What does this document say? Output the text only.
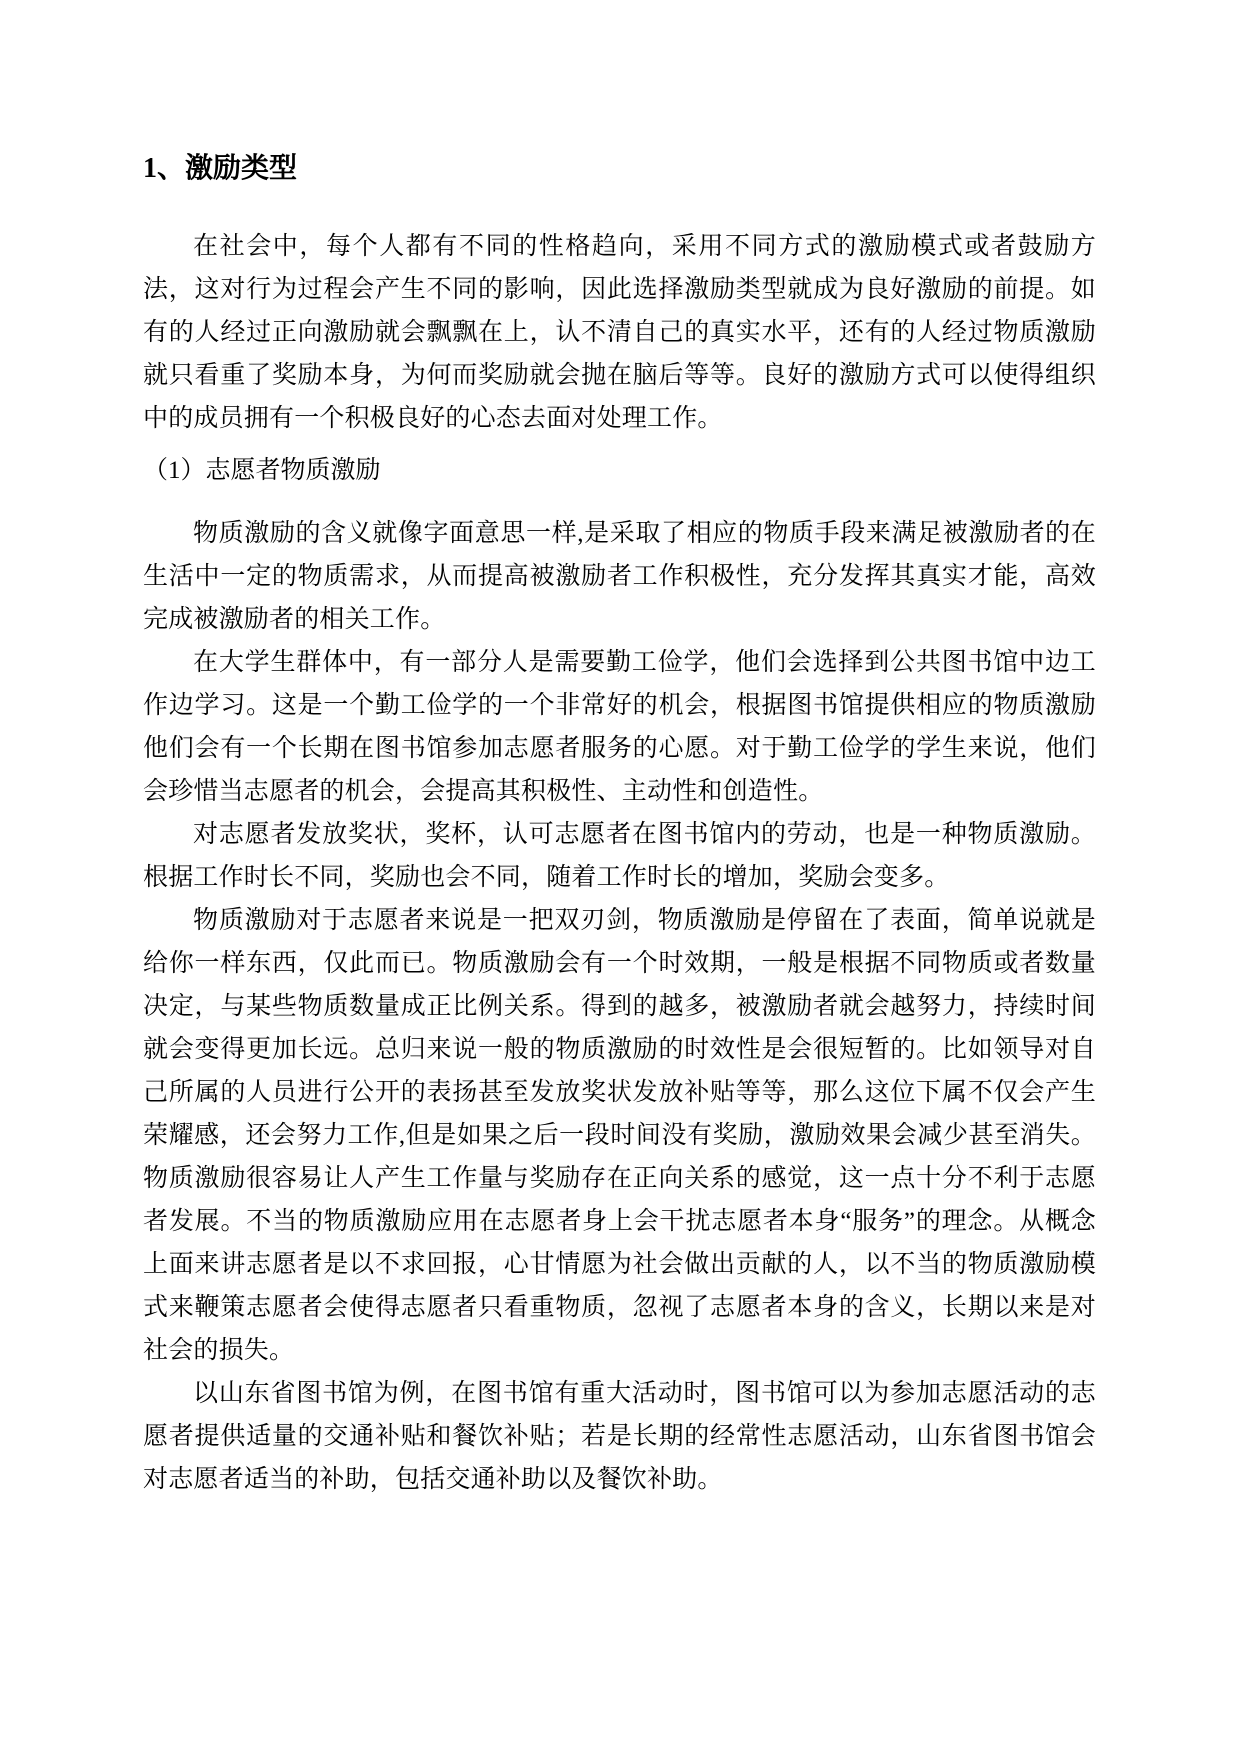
1、激励类型

在社会中，每个人都有不同的性格趋向，采用不同方式的激励模式或者鼓励方法，这对行为过程会产生不同的影响，因此选择激励类型就成为良好激励的前提。如有的人经过正向激励就会飘飘在上，认不清自己的真实水平，还有的人经过物质激励就只看重了奖励本身，为何而奖励就会抛在脑后等等。良好的激励方式可以使得组织中的成员拥有一个积极良好的心态去面对处理工作。

（1）志愿者物质激励

物质激励的含义就像字面意思一样,是采取了相应的物质手段来满足被激励者的在生活中一定的物质需求，从而提高被激励者工作积极性，充分发挥其真实才能，高效完成被激励者的相关工作。

在大学生群体中，有一部分人是需要勤工俭学，他们会选择到公共图书馆中边工作边学习。这是一个勤工俭学的一个非常好的机会，根据图书馆提供相应的物质激励他们会有一个长期在图书馆参加志愿者服务的心愿。对于勤工俭学的学生来说，他们会珍惜当志愿者的机会，会提高其积极性、主动性和创造性。

对志愿者发放奖状，奖杯，认可志愿者在图书馆内的劳动，也是一种物质激励。根据工作时长不同，奖励也会不同，随着工作时长的增加，奖励会变多。

物质激励对于志愿者来说是一把双刃剑，物质激励是停留在了表面，简单说就是给你一样东西，仅此而已。物质激励会有一个时效期，一般是根据不同物质或者数量决定，与某些物质数量成正比例关系。得到的越多，被激励者就会越努力，持续时间就会变得更加长远。总归来说一般的物质激励的时效性是会很短暂的。比如领导对自己所属的人员进行公开的表扬甚至发放奖状发放补贴等等，那么这位下属不仅会产生荣耀感，还会努力工作,但是如果之后一段时间没有奖励，激励效果会减少甚至消失。物质激励很容易让人产生工作量与奖励存在正向关系的感觉，这一点十分不利于志愿者发展。不当的物质激励应用在志愿者身上会干扰志愿者本身“服务”的理念。从概念上面来讲志愿者是以不求回报，心甘情愿为社会做出贡献的人，以不当的物质激励模式来鞭策志愿者会使得志愿者只看重物质，忽视了志愿者本身的含义，长期以来是对社会的损失。

以山东省图书馆为例，在图书馆有重大活动时，图书馆可以为参加志愿活动的志愿者提供适量的交通补贴和餐饮补贴；若是长期的经常性志愿活动，山东省图书馆会对志愿者适当的补助，包括交通补助以及餐饮补助。
